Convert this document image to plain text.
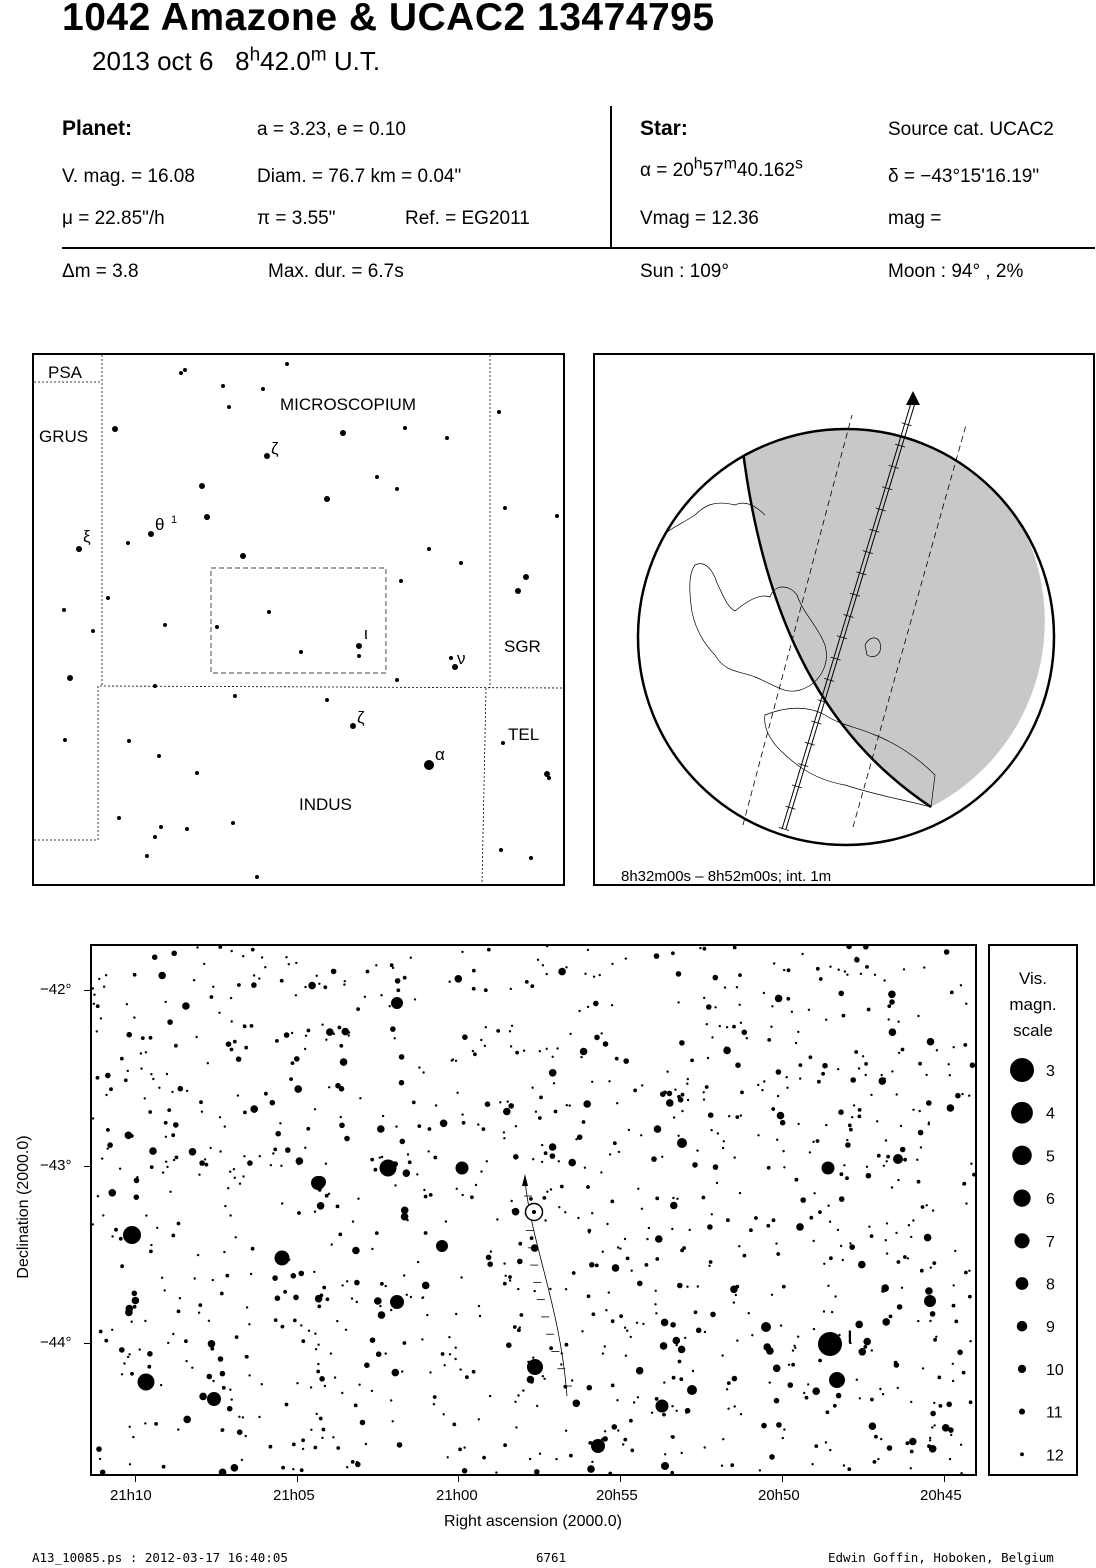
1042 Amazone & UCAC2 13474795
2013 oct 6 8$^h$42.0$^m$ U.T.
Planet:	a = 3.23, e = 0.10
V. mag. = 16.08	Diam. = 76.7 km = 0.04"
μ = 22.85"/h	π = 3.55"	Ref. = EG2011
Star:	Source cat. UCAC2
$\alpha = 20^h57^m40.162^s$
δ = −43°15'16.19"
Vmag = 12.36	mag =
Δm = 3.8	Max. dur. = 6.7s	Sun : 109°	Moon : 94° , 2%
PSA
GRUS
MICROSCOPIUM
SGR
TEL
INDUS
ζ
θ 1
ξ
ι
ν
ζ
α
8h32m00s – 8h52m00s; int. 1m
ι
Declination (2000.0)
−42°
−43°
−44°
21h10	21h05	21h00	20h55	20h50	20h45
Right ascension (2000.0)
Vis.
magn.
scale
3
4
5
6
7
8
9
10
11
12
A13_10085.ps : 2012-03-17 16:40:05	6761	Edwin Goffin, Hoboken, Belgium
